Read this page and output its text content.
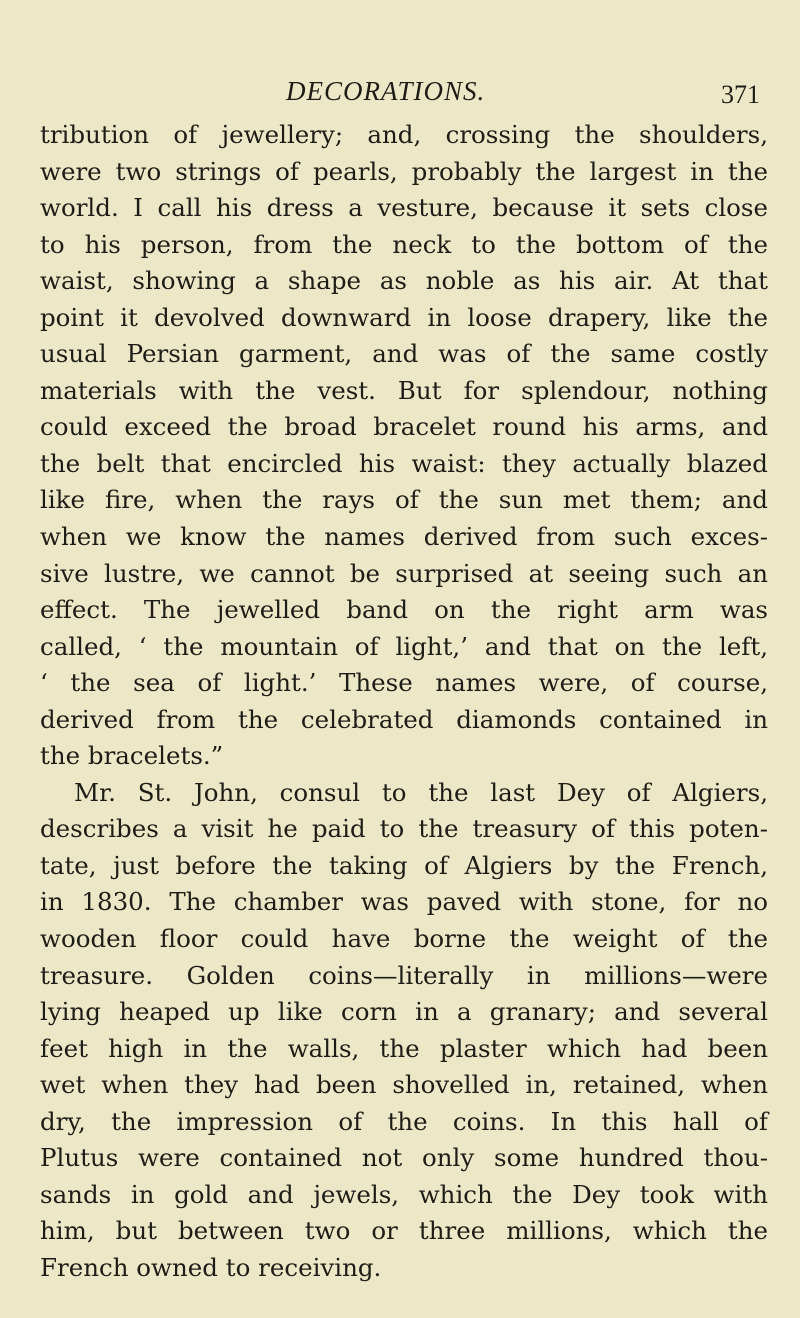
DECORATIONS.	371
tribution of jewellery; and, crossing the shoulders,
were two strings of pearls, probably the largest in the
world. I call his dress a vesture, because it sets close
to his person, from the neck to the bottom of the
waist, showing a shape as noble as his air. At that
point it devolved downward in loose drapery, like the
usual Persian garment, and was of the same costly
materials with the vest. But for splendour, nothing
could exceed the broad bracelet round his arms, and
the belt that encircled his waist: they actually blazed
like fire, when the rays of the sun met them; and
when we know the names derived from such exces-
sive lustre, we cannot be surprised at seeing such an
effect. The jewelled band on the right arm was
called, ‘ the mountain of light,’ and that on the left,
‘ the sea of light.’ These names were, of course,
derived from the celebrated diamonds contained in
the bracelets.”
Mr. St. John, consul to the last Dey of Algiers,
describes a visit he paid to the treasury of this poten-
tate, just before the taking of Algiers by the French,
in 1830. The chamber was paved with stone, for no
wooden floor could have borne the weight of the
treasure. Golden coins—literally in millions—were
lying heaped up like corn in a granary; and several
feet high in the walls, the plaster which had been
wet when they had been shovelled in, retained, when
dry, the impression of the coins. In this hall of
Plutus were contained not only some hundred thou-
sands in gold and jewels, which the Dey took with
him, but between two or three millions, which the
French owned to receiving.
